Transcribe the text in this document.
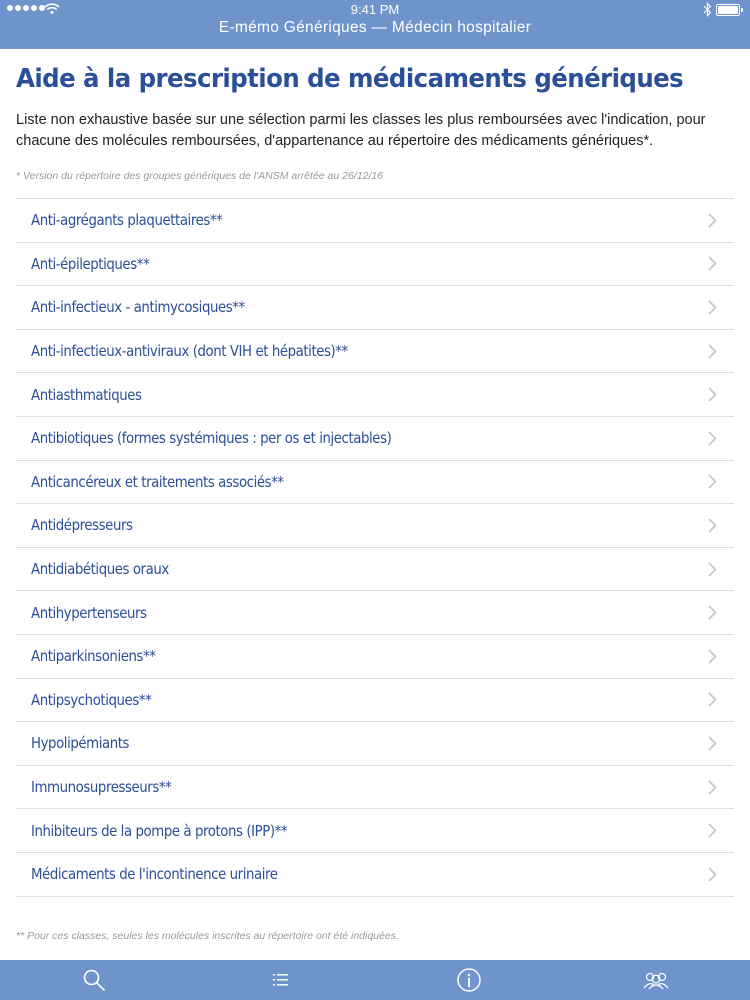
9:41 PM
E-mémo Génériques — Médecin hospitalier
Aide à la prescription de médicaments génériques

Liste non exhaustive basée sur une sélection parmi les classes les plus remboursées avec l'indication, pour chacune des molécules remboursées, d'appartenance au répertoire des médicaments génériques*.

* Version du répertoire des groupes génériques de l'ANSM arrêtée au 26/12/16

Anti-agrégants plaquettaires**
Anti-épileptiques**
Anti-infectieux - antimycosiques**
Anti-infectieux-antiviraux (dont VIH et hépatites)**
Antiasthmatiques
Antibiotiques (formes systémiques : per os et injectables)
Anticancéreux et traitements associés**
Antidépresseurs
Antidiabétiques oraux
Antihypertenseurs
Antiparkinsoniens**
Antipsychotiques**
Hypolipémiants
Immunosupresseurs**
Inhibiteurs de la pompe à protons (IPP)**
Médicaments de l'incontinence urinaire

** Pour ces classes, seules les molécules inscrites au répertoire ont été indiquées.
